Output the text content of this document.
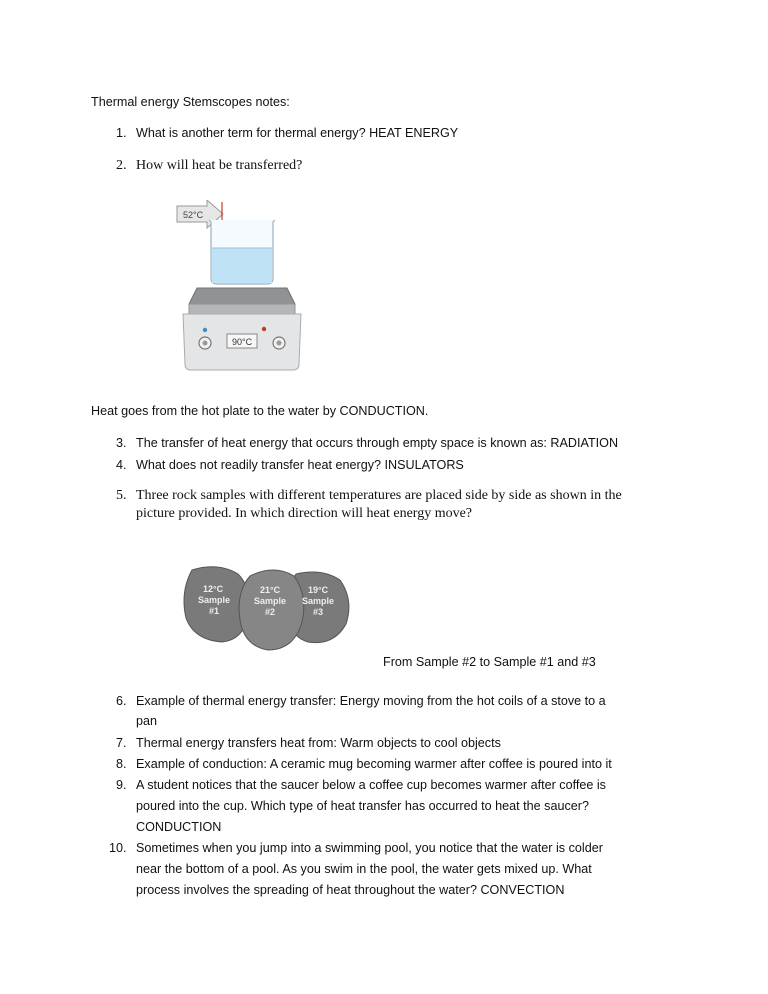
Thermal energy Stemscopes notes:
1. What is another term for thermal energy? HEAT ENERGY
2. How will heat be transferred?
52°C
90°C
Heat goes from the hot plate to the water by CONDUCTION.
3. The transfer of heat energy that occurs through empty space is known as: RADIATION
4. What does not readily transfer heat energy? INSULATORS
5. Three rock samples with different temperatures are placed side by side as shown in the
picture provided. In which direction will heat energy move?
12°C
Sample
#1
21°C
Sample
#2
19°C
Sample
#3
From Sample #2 to Sample #1 and #3
6. Example of thermal energy transfer: Energy moving from the hot coils of a stove to a
pan
7. Thermal energy transfers heat from: Warm objects to cool objects
8. Example of conduction: A ceramic mug becoming warmer after coffee is poured into it
9. A student notices that the saucer below a coffee cup becomes warmer after coffee is
poured into the cup. Which type of heat transfer has occurred to heat the saucer?
CONDUCTION
10. Sometimes when you jump into a swimming pool, you notice that the water is colder
near the bottom of a pool. As you swim in the pool, the water gets mixed up. What
process involves the spreading of heat throughout the water? CONVECTION
